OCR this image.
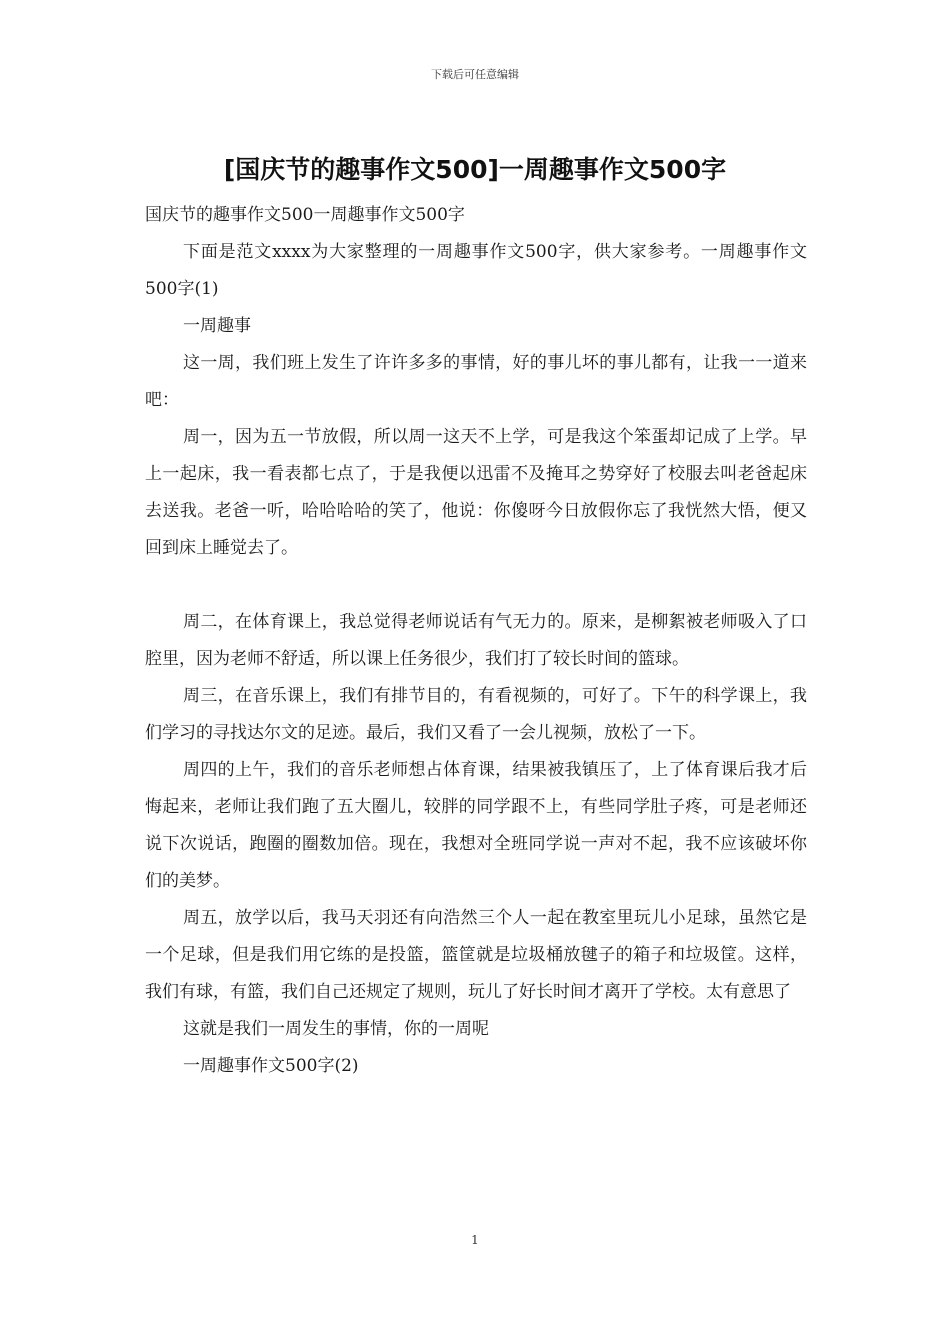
下载后可任意编辑
[国庆节的趣事作文500]一周趣事作文500字

国庆节的趣事作文500一周趣事作文500字

下面是范文xxxx为大家整理的一周趣事作文500字，供大家参考。一周趣事作文500字(1)

一周趣事

这一周，我们班上发生了许许多多的事情，好的事儿坏的事儿都有，让我一一道来吧：

周一，因为五一节放假，所以周一这天不上学，可是我这个笨蛋却记成了上学。早上一起床，我一看表都七点了，于是我便以迅雷不及掩耳之势穿好了校服去叫老爸起床去送我。老爸一听，哈哈哈哈的笑了，他说：你傻呀今日放假你忘了我恍然大悟，便又回到床上睡觉去了。

周二，在体育课上，我总觉得老师说话有气无力的。原来，是柳絮被老师吸入了口腔里，因为老师不舒适，所以课上任务很少，我们打了较长时间的篮球。

周三，在音乐课上，我们有排节目的，有看视频的，可好了。下午的科学课上，我们学习的寻找达尔文的足迹。最后，我们又看了一会儿视频，放松了一下。

周四的上午，我们的音乐老师想占体育课，结果被我镇压了，上了体育课后我才后悔起来，老师让我们跑了五大圈儿，较胖的同学跟不上，有些同学肚子疼，可是老师还说下次说话，跑圈的圈数加倍。现在，我想对全班同学说一声对不起，我不应该破坏你们的美梦。

周五，放学以后，我马天羽还有向浩然三个人一起在教室里玩儿小足球，虽然它是一个足球，但是我们用它练的是投篮，篮筐就是垃圾桶放毽子的箱子和垃圾筐。这样，我们有球，有篮，我们自己还规定了规则，玩儿了好长时间才离开了学校。太有意思了

这就是我们一周发生的事情，你的一周呢

一周趣事作文500字(2)

1
